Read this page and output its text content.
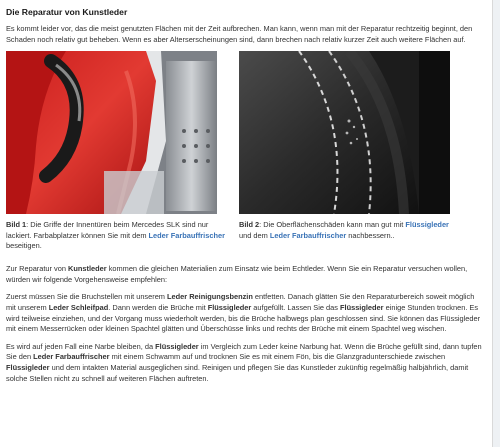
Die Reparatur von Kunstleder

Es kommt leider vor, das die meist genutzten Flächen mit der Zeit aufbrechen. Man kann, wenn man mit der Reparatur rechtzeitig beginnt, den Schaden noch relativ gut beheben. Wenn es aber Alterserscheinungen sind, dann brechen nach relativ kurzer Zeit auch weitere Flächen auf.

Bild 1: Die Griffe der Innentüren beim Mercedes SLK sind nur lackiert. Farbabplatzer können Sie mit dem Leder Farbauffrischer beseitigen.

Bild 2: Die Oberflächenschäden kann man gut mit Flüssigleder und dem Leder Farbauffrischer nachbessern..

Zur Reparatur von Kunstleder kommen die gleichen Materialien zum Einsatz wie beim Echtleder. Wenn Sie ein Reparatur versuchen wollen, würden wir folgende Vorgehensweise empfehlen:

Zuerst müssen Sie die Bruchstellen mit unserem Leder Reinigungsbenzin entfetten. Danach glätten Sie den Reparaturbereich soweit möglich mit unserem Leder Schleifpad. Dann werden die Brüche mit Flüssigleder aufgefüllt. Lassen Sie das Flüssigleder einige Stunden trocknen. Es wird teilweise einziehen, und der Vorgang muss wiederholt werden, bis die Brüche halbwegs plan geschlossen sind. Sie können das Flüssigleder mit einem Messerrücken oder kleinen Spachtel glätten und Überschüsse links und rechts der Brüche mit einem Spachtel weg wischen.

Es wird auf jeden Fall eine Narbe bleiben, da Flüssigleder im Vergleich zum Leder keine Narbung hat. Wenn die Brüche gefüllt sind, dann tupfen Sie den Leder Farbauffrischer mit einem Schwamm auf und trocknen Sie es mit einem Fön, bis die Glanzgradunterschiede zwischen Flüssigleder und dem intakten Material ausgeglichen sind. Reinigen und pflegen Sie das Kunstleder zukünftig regelmäßig halbjährlich, damit solche Stellen nicht zu schnell auf weiteren Flächen auftreten.
